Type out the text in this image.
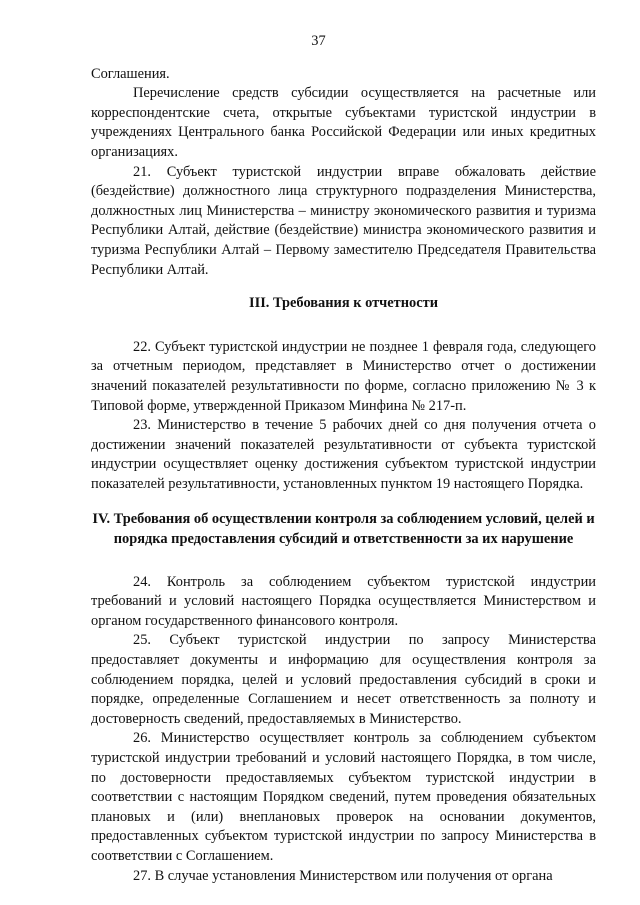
37

Соглашения.

Перечисление средств субсидии осуществляется на расчетные или корреспондентские счета, открытые субъектами туристской индустрии в учреждениях Центрального банка Российской Федерации или иных кредитных организациях.

21. Субъект туристской индустрии вправе обжаловать действие (бездействие) должностного лица структурного подразделения Министерства, должностных лиц Министерства – министру экономического развития и туризма Республики Алтай, действие (бездействие) министра экономического развития и туризма Республики Алтай – Первому заместителю Председателя Правительства Республики Алтай.

III. Требования к отчетности

22. Субъект туристской индустрии не позднее 1 февраля года, следующего за отчетным периодом, представляет в Министерство отчет о достижении значений показателей результативности по форме, согласно приложению № 3 к Типовой форме, утвержденной Приказом Минфина № 217-п.

23. Министерство в течение 5 рабочих дней со дня получения отчета о достижении значений показателей результативности от субъекта туристской индустрии осуществляет оценку достижения субъектом туристской индустрии показателей результативности, установленных пунктом 19 настоящего Порядка.

IV. Требования об осуществлении контроля за соблюдением условий, целей и порядка предоставления субсидий и ответственности за их нарушение

24. Контроль за соблюдением субъектом туристской индустрии требований и условий настоящего Порядка осуществляется Министерством и органом государственного финансового контроля.

25. Субъект туристской индустрии по запросу Министерства предоставляет документы и информацию для осуществления контроля за соблюдением порядка, целей и условий предоставления субсидий в сроки и порядке, определенные Соглашением и несет ответственность за полноту и достоверность сведений, предоставляемых в Министерство.

26. Министерство осуществляет контроль за соблюдением субъектом туристской индустрии требований и условий настоящего Порядка, в том числе, по достоверности предоставляемых субъектом туристской индустрии в соответствии с настоящим Порядком сведений, путем проведения обязательных плановых и (или) внеплановых проверок на основании документов, предоставленных субъектом туристской индустрии по запросу Министерства в соответствии с Соглашением.

27. В случае установления Министерством или получения от органа
